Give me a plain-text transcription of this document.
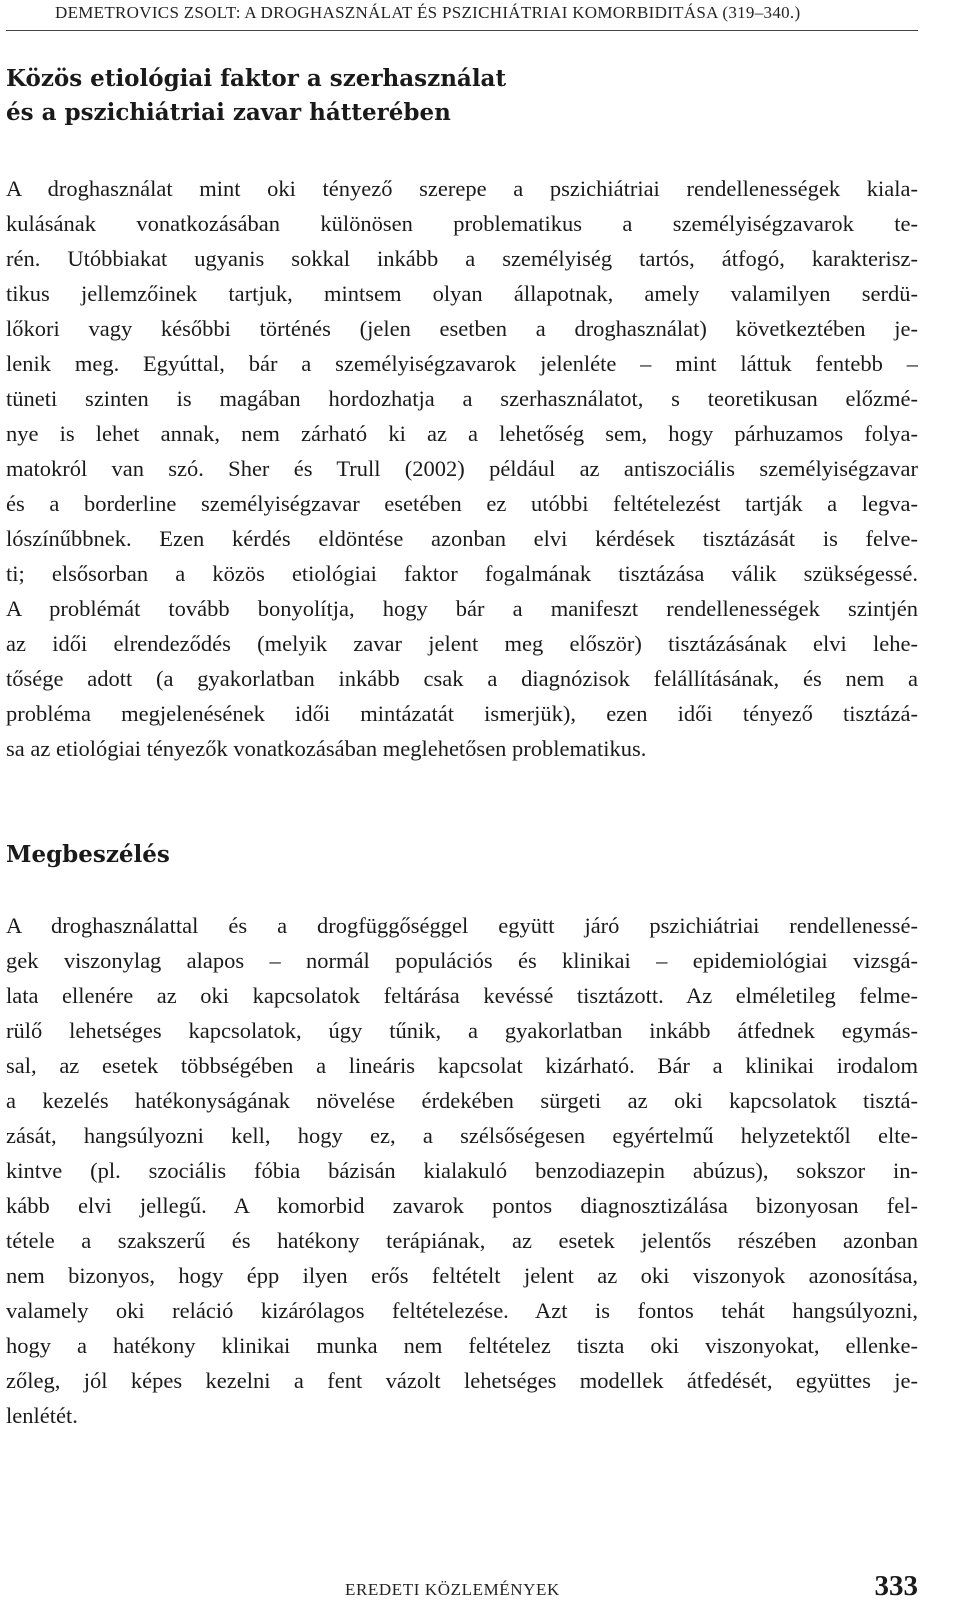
DEMETROVICS ZSOLT: A DROGHASZNÁLAT ÉS PSZICHIÁTRIAI KOMORBIDITÁSA (319–340.)
Közös etiológiai faktor a szerhasználat
és a pszichiátriai zavar hátterében
A droghasználat mint oki tényező szerepe a pszichiátriai rendellenességek kiala-
kulásának vonatkozásában különösen problematikus a személyiségzavarok te-
rén. Utóbbiakat ugyanis sokkal inkább a személyiség tartós, átfogó, karakterisz-
tikus jellemzőinek tartjuk, mintsem olyan állapotnak, amely valamilyen serdü-
lőkori vagy későbbi történés (jelen esetben a droghasználat) következtében je-
lenik meg. Egyúttal, bár a személyiségzavarok jelenléte – mint láttuk fentebb –
tüneti szinten is magában hordozhatja a szerhasználatot, s teoretikusan előzmé-
nye is lehet annak, nem zárható ki az a lehetőség sem, hogy párhuzamos folya-
matokról van szó. Sher és Trull (2002) például az antiszociális személyiségzavar
és a borderline személyiségzavar esetében ez utóbbi feltételezést tartják a legva-
lószínűbbnek. Ezen kérdés eldöntése azonban elvi kérdések tisztázását is felve-
ti; elsősorban a közös etiológiai faktor fogalmának tisztázása válik szükségessé.
A problémát tovább bonyolítja, hogy bár a manifeszt rendellenességek szintjén
az idői elrendeződés (melyik zavar jelent meg először) tisztázásának elvi lehe-
tősége adott (a gyakorlatban inkább csak a diagnózisok felállításának, és nem a
probléma megjelenésének idői mintázatát ismerjük), ezen idői tényező tisztázá-
sa az etiológiai tényezők vonatkozásában meglehetősen problematikus.
Megbeszélés
A droghasználattal és a drogfüggőséggel együtt járó pszichiátriai rendellenessé-
gek viszonylag alapos – normál populációs és klinikai – epidemiológiai vizsgá-
lata ellenére az oki kapcsolatok feltárása kevéssé tisztázott. Az elméletileg felme-
rülő lehetséges kapcsolatok, úgy tűnik, a gyakorlatban inkább átfednek egymás-
sal, az esetek többségében a lineáris kapcsolat kizárható. Bár a klinikai irodalom
a kezelés hatékonyságának növelése érdekében sürgeti az oki kapcsolatok tisztá-
zását, hangsúlyozni kell, hogy ez, a szélsőségesen egyértelmű helyzetektől elte-
kintve (pl. szociális fóbia bázisán kialakuló benzodiazepin abúzus), sokszor in-
kább elvi jellegű. A komorbid zavarok pontos diagnosztizálása bizonyosan fel-
tétele a szakszerű és hatékony terápiának, az esetek jelentős részében azonban
nem bizonyos, hogy épp ilyen erős feltételt jelent az oki viszonyok azonosítása,
valamely oki reláció kizárólagos feltételezése. Azt is fontos tehát hangsúlyozni,
hogy a hatékony klinikai munka nem feltételez tiszta oki viszonyokat, ellenke-
zőleg, jól képes kezelni a fent vázolt lehetséges modellek átfedését, együttes je-
lenlétét.
EREDETI KÖZLEMÉNYEK	333
